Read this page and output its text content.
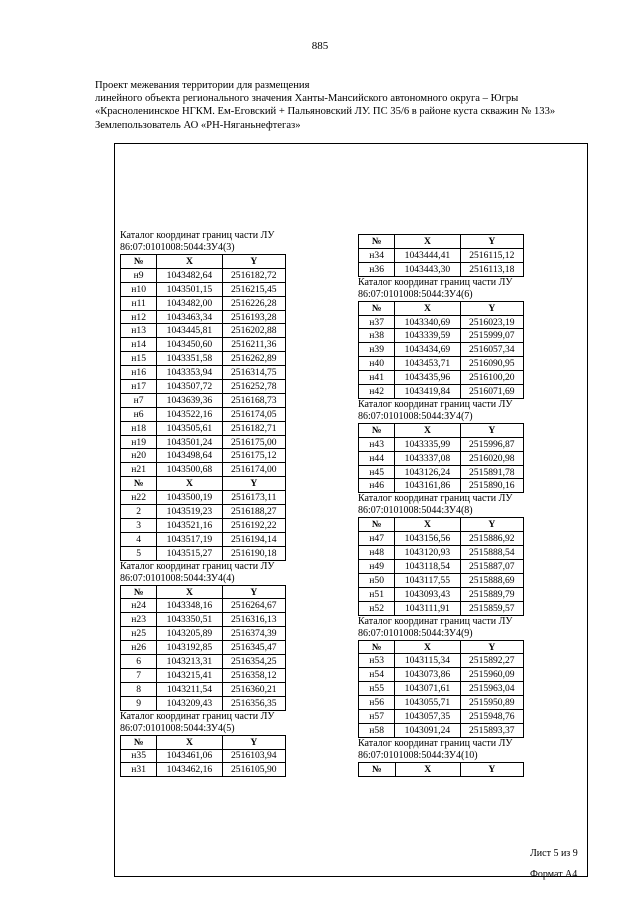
885
Проект межевания территории для размещения
линейного объекта регионального значения Ханты-Мансийского автономного округа – Югры
«Красноленинское НГКМ. Ем-Еговский + Пальяновский ЛУ. ПС 35/6 в районе куста скважин № 133»
Землепользователь АО «РН-Няганьнефтегаз»
Каталог координат границ части ЛУ
86:07:0101008:5044:ЗУ4(3)
№	X	Y
н9	1043482,64	2516182,72
н10	1043501,15	2516215,45
н11	1043482,00	2516226,28
н12	1043463,34	2516193,28
н13	1043445,81	2516202,88
н14	1043450,60	2516211,36
н15	1043351,58	2516262,89
н16	1043353,94	2516314,75
н17	1043507,72	2516252,78
н7	1043639,36	2516168,73
н6	1043522,16	2516174,05
н18	1043505,61	2516182,71
н19	1043501,24	2516175,00
н20	1043498,64	2516175,12
н21	1043500,68	2516174,00
№	X	Y
н22	1043500,19	2516173,11
2	1043519,23	2516188,27
3	1043521,16	2516192,22
4	1043517,19	2516194,14
5	1043515,27	2516190,18
Каталог координат границ части ЛУ
86:07:0101008:5044:ЗУ4(4)
№	X	Y
н24	1043348,16	2516264,67
н23	1043350,51	2516316,13
н25	1043205,89	2516374,39
н26	1043192,85	2516345,47
6	1043213,31	2516354,25
7	1043215,41	2516358,12
8	1043211,54	2516360,21
9	1043209,43	2516356,35
Каталог координат границ части ЛУ
86:07:0101008:5044:ЗУ4(5)
№	X	Y
н35	1043461,06	2516103,94
н31	1043462,16	2516105,90
№	X	Y
н34	1043444,41	2516115,12
н36	1043443,30	2516113,18
Каталог координат границ части ЛУ
86:07:0101008:5044:ЗУ4(6)
№	X	Y
н37	1043340,69	2516023,19
н38	1043339,59	2515999,07
н39	1043434,69	2516057,34
н40	1043453,71	2516090,95
н41	1043435,96	2516100,20
н42	1043419,84	2516071,69
Каталог координат границ части ЛУ
86:07:0101008:5044:ЗУ4(7)
№	X	Y
н43	1043335,99	2515996,87
н44	1043337,08	2516020,98
н45	1043126,24	2515891,78
н46	1043161,86	2515890,16
Каталог координат границ части ЛУ
86:07:0101008:5044:ЗУ4(8)
№	X	Y
н47	1043156,56	2515886,92
н48	1043120,93	2515888,54
н49	1043118,54	2515887,07
н50	1043117,55	2515888,69
н51	1043093,43	2515889,79
н52	1043111,91	2515859,57
Каталог координат границ части ЛУ
86:07:0101008:5044:ЗУ4(9)
№	X	Y
н53	1043115,34	2515892,27
н54	1043073,86	2515960,09
н55	1043071,61	2515963,04
н56	1043055,71	2515950,89
н57	1043057,35	2515948,76
н58	1043091,24	2515893,37
Каталог координат границ части ЛУ
86:07:0101008:5044:ЗУ4(10)
№	X	Y
Лист 5 из 9
Формат А4
